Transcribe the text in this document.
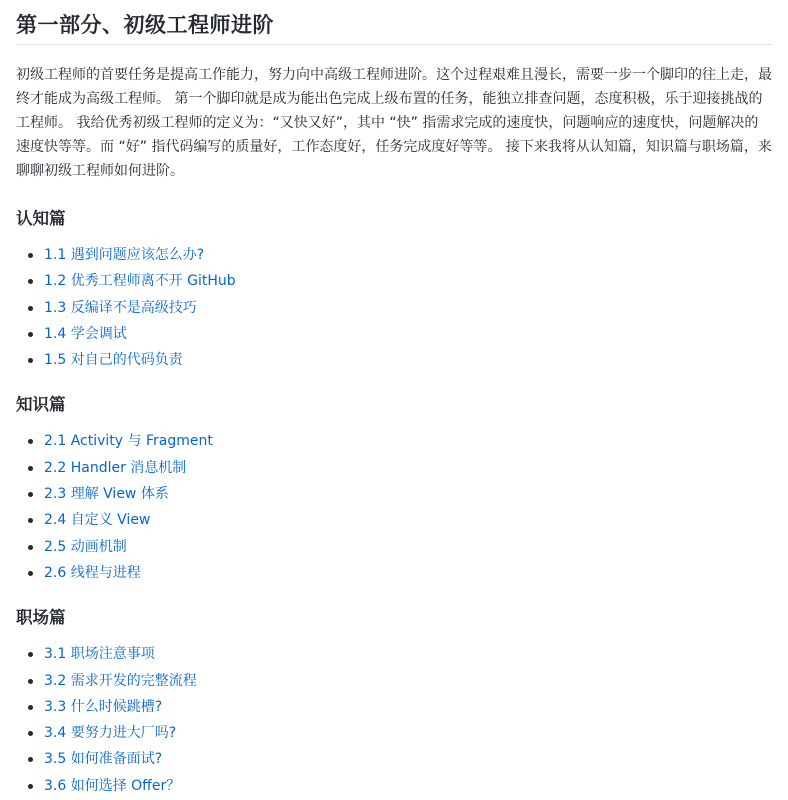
第一部分、初级工程师进阶

初级工程师的首要任务是提高工作能力，努力向中高级工程师进阶。这个过程艰难且漫长，需要一步一个脚印的往上走，最终才能成为高级工程师。 第一个脚印就是成为能出色完成上级布置的任务，能独立排查问题，态度积极，乐于迎接挑战的工程师。 我给优秀初级工程师的定义为：“又快又好”，其中 “快” 指需求完成的速度快，问题响应的速度快，问题解决的速度快等等。而 “好” 指代码编写的质量好，工作态度好，任务完成度好等等。 接下来我将从认知篇，知识篇与职场篇，来聊聊初级工程师如何进阶。

认知篇
1.1 遇到问题应该怎么办?
1.2 优秀工程师离不开 GitHub
1.3 反编译不是高级技巧
1.4 学会调试
1.5 对自己的代码负责
知识篇
2.1 Activity 与 Fragment
2.2 Handler 消息机制
2.3 理解 View 体系
2.4 自定义 View
2.5 动画机制
2.6 线程与进程
职场篇
3.1 职场注意事项
3.2 需求开发的完整流程
3.3 什么时候跳槽?
3.4 要努力进大厂吗?
3.5 如何准备面试?
3.6 如何选择 Offer？
